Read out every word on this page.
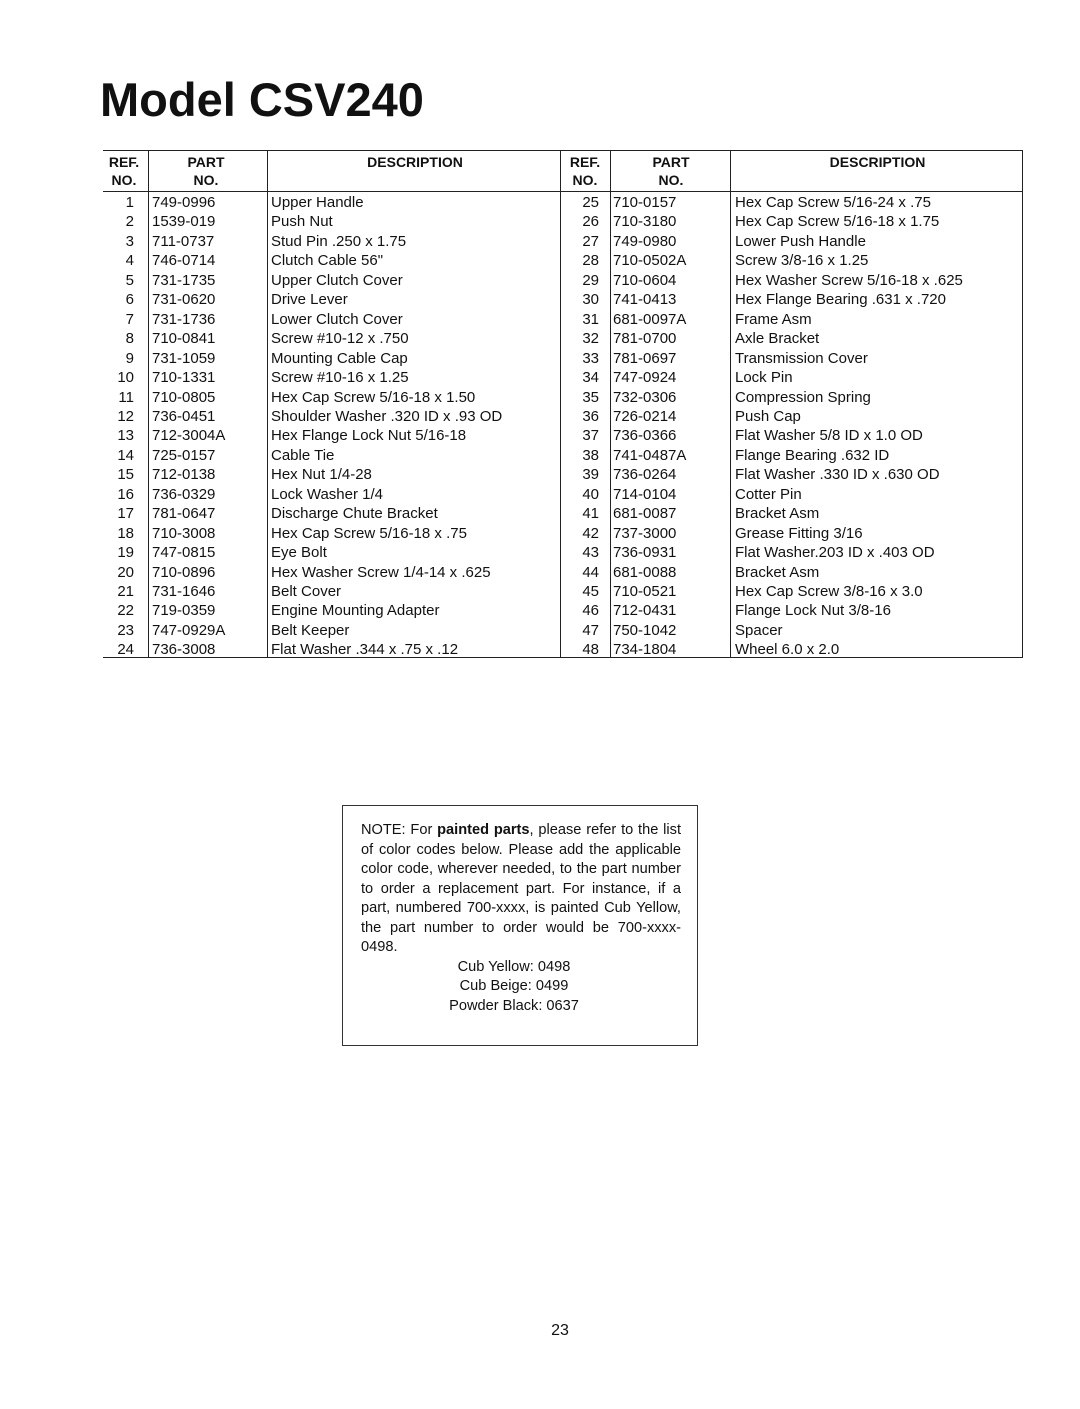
Model CSV240
REF.
NO.
PART
NO.
DESCRIPTION
1 749-0996	Upper Handle
2 1539-019	Push Nut
3 711-0737	Stud Pin .250 x 1.75
4 746-0714	Clutch Cable 56"
5 731-1735	Upper Clutch Cover
6 731-0620	Drive Lever
7 731-1736	Lower Clutch Cover
8 710-0841	Screw #10-12 x .750
9 731-1059	Mounting Cable Cap
10 710-1331	Screw #10-16 x 1.25
11 710-0805	Hex Cap Screw 5/16-18 x 1.50
12 736-0451	Shoulder Washer .320 ID x .93 OD
13 712-3004A	Hex Flange Lock Nut 5/16-18
14 725-0157	Cable Tie
15 712-0138	Hex Nut 1/4-28
16 736-0329	Lock Washer 1/4
17 781-0647	Discharge Chute Bracket
18 710-3008	Hex Cap Screw 5/16-18 x .75
19 747-0815	Eye Bolt
20 710-0896	Hex Washer Screw 1/4-14 x .625
21 731-1646	Belt Cover
22 719-0359	Engine Mounting Adapter
23 747-0929A	Belt Keeper
24 736-3008	Flat Washer .344 x .75 x .12
REF.
NO.
PART
NO.
DESCRIPTION
25 710-0157	Hex Cap Screw 5/16-24 x .75
26 710-3180	Hex Cap Screw 5/16-18 x 1.75
27 749-0980	Lower Push Handle
28 710-0502A	Screw 3/8-16 x 1.25
29 710-0604	Hex Washer Screw 5/16-18 x .625
30 741-0413	Hex Flange Bearing .631 x .720
31 681-0097A	Frame Asm
32 781-0700	Axle Bracket
33 781-0697	Transmission Cover
34 747-0924	Lock Pin
35 732-0306	Compression Spring
36 726-0214	Push Cap
37 736-0366	Flat Washer 5/8 ID x 1.0 OD
38 741-0487A	Flange Bearing .632 ID
39 736-0264	Flat Washer .330 ID x .630 OD
40 714-0104	Cotter Pin
41 681-0087	Bracket Asm
42 737-3000	Grease Fitting 3/16
43 736-0931	Flat Washer.203 ID x .403 OD
44 681-0088	Bracket Asm
45 710-0521	Hex Cap Screw 3/8-16 x 3.0
46 712-0431	Flange Lock Nut 3/8-16
47 750-1042	Spacer
48 734-1804	Wheel 6.0 x 2.0

NOTE: For painted parts, please refer to the list of color codes below. Please add the applicable color code, wherever needed, to the part number to order a replacement part. For instance, if a part, numbered 700-xxxx, is painted Cub Yellow, the part number to order would be 700-xxxx-0498.

Cub Yellow: 0498
Cub Beige: 0499
Powder Black: 0637
23
